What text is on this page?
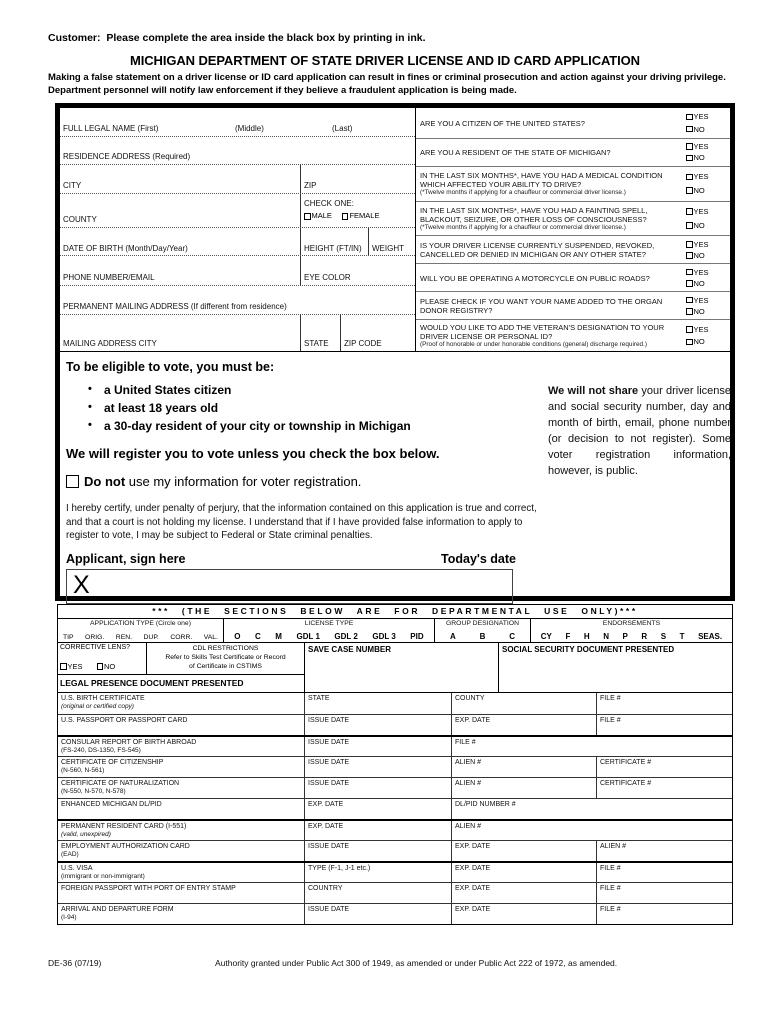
Customer:  Please complete the area inside the black box by printing in ink.
MICHIGAN DEPARTMENT OF STATE DRIVER LICENSE AND ID CARD APPLICATION
Making a false statement on a driver license or ID card application can result in fines or criminal prosecution and action against your driving privilege.
Department personnel will notify law enforcement if they believe a fraudulent application is being made.
FULL LEGAL NAME (First)	(Middle)	(Last)
RESIDENCE ADDRESS (Required)
CITY	ZIP
COUNTY
CHECK ONE:
MALE FEMALE
DATE OF BIRTH (Month/Day/Year)	HEIGHT (FT/IN) WEIGHT
PHONE NUMBER/EMAIL	EYE COLOR
PERMANENT MAILING ADDRESS (If different from residence)
MAILING ADDRESS CITY	STATE ZIP CODE
ARE YOU A CITIZEN OF THE UNITED STATES?
YES
NO
ARE YOU A RESIDENT OF THE STATE OF MICHIGAN?
YES
NO
IN THE LAST SIX MONTHS*, HAVE YOU HAD A MEDICAL CONDITION WHICH AFFECTED YOUR ABILITY TO DRIVE?
(*Twelve months if applying for a chauffeur or commercial driver license.)
YES
NO
IN THE LAST SIX MONTHS*, HAVE YOU HAD A FAINTING SPELL, BLACKOUT, SEIZURE, OR OTHER LOSS OF CONSCIOUSNESS?
(*Twelve months if applying for a chauffeur or commercial driver license.)
YES
NO
IS YOUR DRIVER LICENSE CURRENTLY SUSPENDED, REVOKED, CANCELLED OR DENIED IN MICHIGAN OR ANY OTHER STATE?
YES
NO
WILL YOU BE OPERATING A MOTORCYCLE ON PUBLIC ROADS?
YES
NO
PLEASE CHECK IF YOU WANT YOUR NAME ADDED TO THE ORGAN DONOR REGISTRY?
YES
NO
WOULD YOU LIKE TO ADD THE VETERAN'S DESIGNATION TO YOUR DRIVER LICENSE OR PERSONAL ID?
(Proof of honorable or under honorable conditions (general) discharge required.)
YES
NO
To be eligible to vote, you must be:
•	a United States citizen
•	at least 18 years old
•	a 30-day resident of your city or township in Michigan
We will register you to vote unless you check the box below.
Do not use my information for voter registration.
I hereby certify, under penalty of perjury, that the information contained on this application is true and correct, and that a court is not holding my license. I understand that if I have provided false information to apply to register to vote, I may be subject to Federal or State criminal penalties.
Applicant, sign here	Today's date
X
We will not share your driver license and social security number, day and month of birth, email, phone number (or decision to not register). Some voter registration information, however, is public.
*** (THE SECTIONS BELOW ARE FOR DEPARTMENTAL USE ONLY)***
APPLICATION TYPE (Circle one)
TIP ORIG. REN. DUP. CORR. VAL.
LICENSE TYPE
O C M GDL 1 GDL 2 GDL 3 PID
GROUP DESIGNATION
A	B	C
ENDORSEMENTS
CY F H N P R S T SEAS.
CORRECTIVE LENS?
YES	NO
CDL RESTRICTIONS
Refer to Skills Test Certificate or Record
of Certificate in CSTIMS
LEGAL PRESENCE DOCUMENT PRESENTED
SAVE CASE NUMBER	SOCIAL SECURITY DOCUMENT PRESENTED
U.S. BIRTH CERTIFICATE
(original or certified copy)
STATE	COUNTY	FILE #
U.S. PASSPORT OR PASSPORT CARD	ISSUE DATE	EXP. DATE	FILE #
CONSULAR REPORT OF BIRTH ABROAD
(FS-240, DS-1350, FS-545)
ISSUE DATE	FILE #
CERTIFICATE OF CITIZENSHIP
(N-560, N-561)
ISSUE DATE	ALIEN #	CERTIFICATE #
CERTIFICATE OF NATURALIZATION
(N-550, N-570, N-578)
ISSUE DATE	ALIEN #	CERTIFICATE #
ENHANCED MICHIGAN DL/PID	EXP. DATE	DL/PID NUMBER #
PERMANENT RESIDENT CARD (I-551)
(valid, unexpired)
EXP. DATE	ALIEN #
EMPLOYMENT AUTHORIZATION CARD
(EAD)
ISSUE DATE	EXP. DATE	ALIEN #
U.S. VISA
(immigrant or non-immigrant)
TYPE (F-1, J-1 etc.)	EXP. DATE	FILE #
FOREIGN PASSPORT WITH PORT OF ENTRY STAMP	COUNTRY	EXP. DATE	FILE #
ARRIVAL AND DEPARTURE FORM
(I-94)
ISSUE DATE	EXP. DATE	FILE #
DE-36 (07/19)	Authority granted under Public Act 300 of 1949, as amended or under Public Act 222 of 1972, as amended.
